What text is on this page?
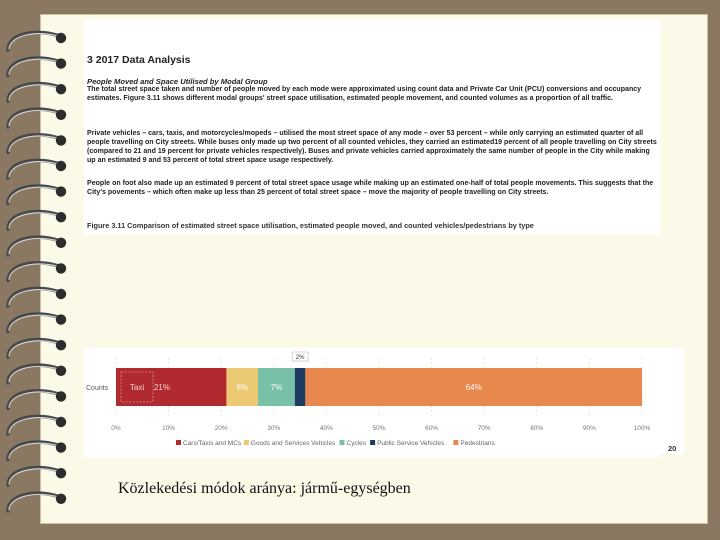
3 2017 Data Analysis
People Moved and Space Utilised by Modal Group

The total street space taken and number of people moved by each mode were approximated using count data and Private Car Unit (PCU) conversions and occupancy estimates. Figure 3.11 shows different modal groups' street space utilisation, estimated people movement, and counted volumes as a proportion of all traffic.

Private vehicles – cars, taxis, and motorcycles/mopeds – utilised the most street space of any mode – over 53 percent – while only carrying an estimated quarter of all people travelling on City streets. While buses only made up two percent of all counted vehicles, they carried an estimated19 percent of all people travelling on City streets (compared to 21 and 19 percent for private vehicles respectively). Buses and private vehicles carried approximately the same number of people in the City while making up an estimated 9 and 53 percent of total street space usage respectively.

People on foot also made up an estimated 9 percent of total street space usage while making up an estimated one-half of total people movements. This suggests that the City's povements – which often make up less than 25 percent of total street space – move the majority of people travelling on City streets.

Figure 3.11 Comparison of estimated street space utilisation, estimated people moved, and counted vehicles/pedestrians by type
Counts	21%
Taxi	6%	7%
2%
64%
0%	10%	20%	30%	40%	50%	60%	70%	80%	90%	100%
Cars/Taxis and MCs Goods and Services Vehicles Cycles Public Service Vehicles Pedestrians
20

Közlekedési módok aránya: jármű-egységben
